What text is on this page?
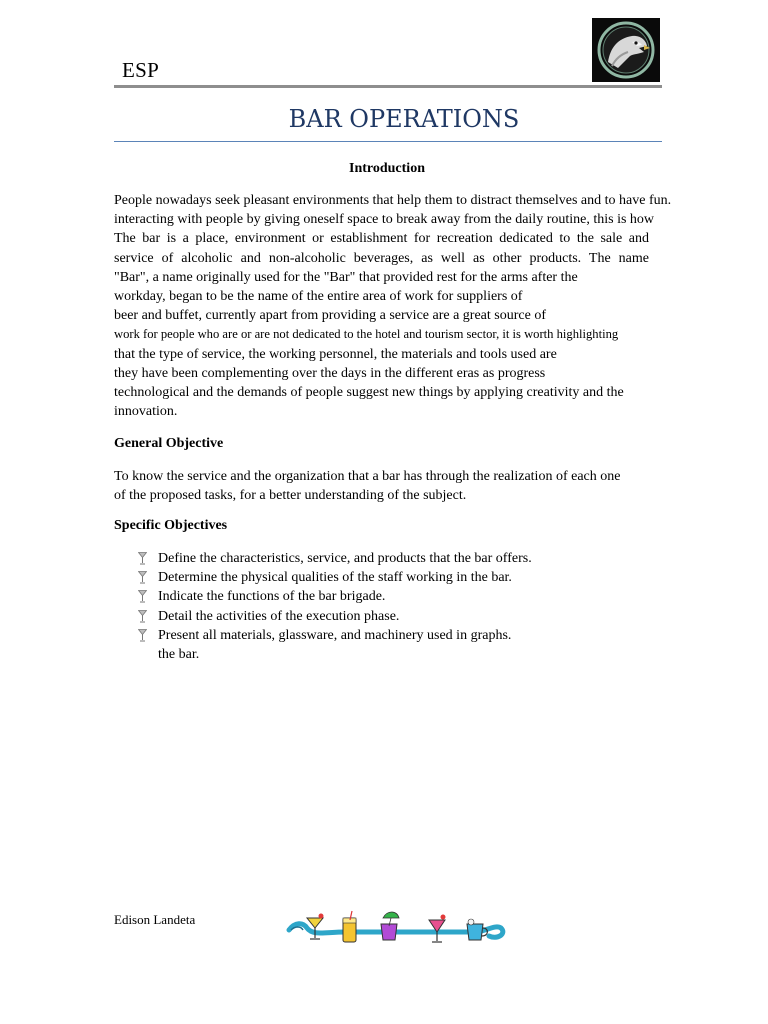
ESP
BAR OPERATIONS
Introduction
People nowadays seek pleasant environments that help them to distract themselves and to have fun.
interacting with people by giving oneself space to break away from the daily routine, this is how
The bar is a place, environment or establishment for recreation dedicated to the sale and
service of alcoholic and non-alcoholic beverages, as well as other products. The name
"Bar", a name originally used for the "Bar" that provided rest for the arms after the
workday, began to be the name of the entire area of work for suppliers of
beer and buffet, currently apart from providing a service are a great source of
work for people who are or are not dedicated to the hotel and tourism sector, it is worth highlighting
that the type of service, the working personnel, the materials and tools used are
they have been complementing over the days in the different eras as progress
technological and the demands of people suggest new things by applying creativity and the
innovation.
General Objective
To know the service and the organization that a bar has through the realization of each one
of the proposed tasks, for a better understanding of the subject.
Specific Objectives
Define the characteristics, service, and products that the bar offers.
Determine the physical qualities of the staff working in the bar.
Indicate the functions of the bar brigade.
Detail the activities of the execution phase.
Present all materials, glassware, and machinery used in graphs.
the bar.
Edison Landeta
